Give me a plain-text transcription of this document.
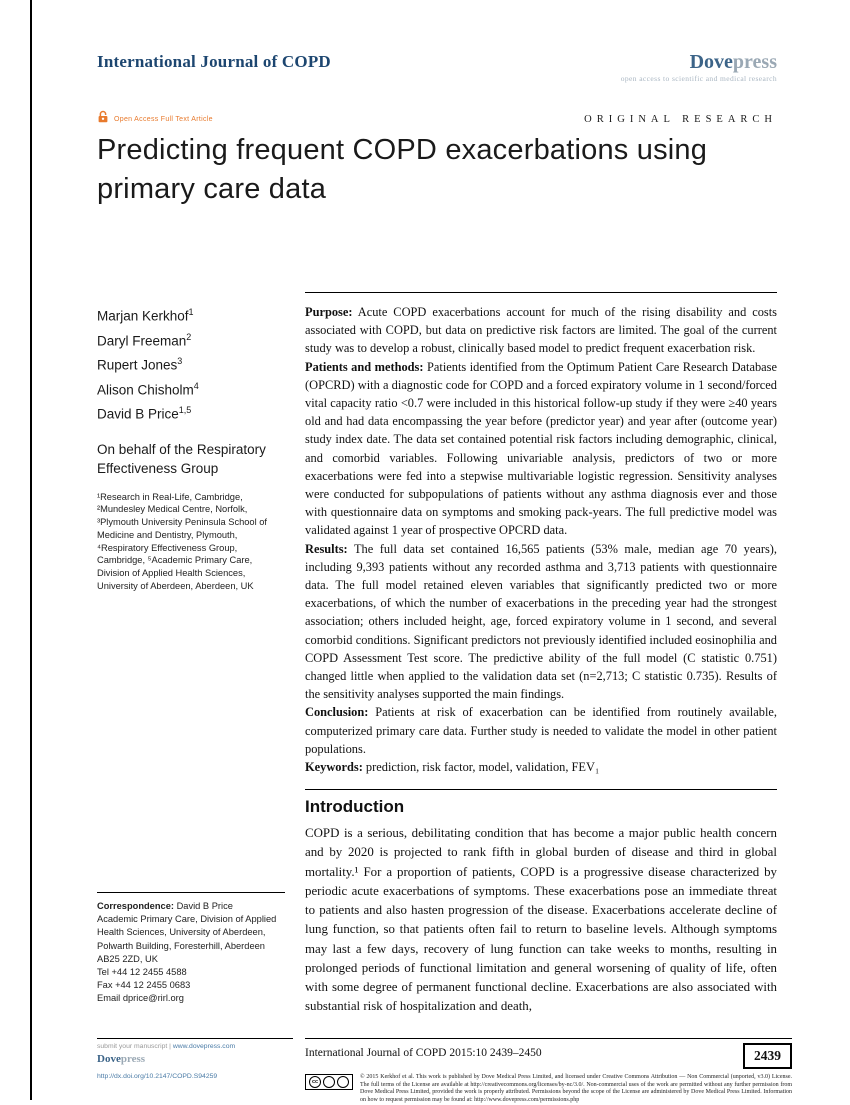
International Journal of COPD	Dovepress
open access to scientific and medical research
Open Access Full Text Article	ORIGINAL RESEARCH
Predicting frequent COPD exacerbations using primary care data
Marjan Kerkhof$^1$
Daryl Freeman$^2$
Rupert Jones$^3$
Alison Chisholm$^4$
David B Price$^{1,5}$
On behalf of the Respiratory Effectiveness Group
¹Research in Real-Life, Cambridge, ²Mundesley Medical Centre, Norfolk, ³Plymouth University Peninsula School of Medicine and Dentistry, Plymouth, ⁴Respiratory Effectiveness Group, Cambridge, ⁵Academic Primary Care, Division of Applied Health Sciences, University of Aberdeen, Aberdeen, UK
Correspondence: David B Price
Academic Primary Care, Division of Applied Health Sciences, University of Aberdeen, Polwarth Building, Foresterhill, Aberdeen AB25 2ZD, UK
Tel +44 12 2455 4588
Fax +44 12 2455 0683
Email dprice@rirl.org

Purpose: Acute COPD exacerbations account for much of the rising disability and costs associated with COPD, but data on predictive risk factors are limited. The goal of the current study was to develop a robust, clinically based model to predict frequent exacerbation risk.

Patients and methods: Patients identified from the Optimum Patient Care Research Database (OPCRD) with a diagnostic code for COPD and a forced expiratory volume in 1 second/forced vital capacity ratio <0.7 were included in this historical follow-up study if they were ≥40 years old and had data encompassing the year before (predictor year) and year after (outcome year) study index date. The data set contained potential risk factors including demographic, clinical, and comorbid variables. Following univariable analysis, predictors of two or more exacerbations were fed into a stepwise multivariable logistic regression. Sensitivity analyses were conducted for subpopulations of patients without any asthma diagnosis ever and those with questionnaire data on symptoms and smoking pack-years. The full predictive model was validated against 1 year of prospective OPCRD data.

Results: The full data set contained 16,565 patients (53% male, median age 70 years), including 9,393 patients without any recorded asthma and 3,713 patients with questionnaire data. The full model retained eleven variables that significantly predicted two or more exacerbations, of which the number of exacerbations in the preceding year had the strongest association; others included height, age, forced expiratory volume in 1 second, and several comorbid conditions. Significant predictors not previously identified included eosinophilia and COPD Assessment Test score. The predictive ability of the full model (C statistic 0.751) changed little when applied to the validation data set (n=2,713; C statistic 0.735). Results of the sensitivity analyses supported the main findings.

Conclusion: Patients at risk of exacerbation can be identified from routinely available, computerized primary care data. Further study is needed to validate the model in other patient populations.

Keywords: prediction, risk factor, model, validation, FEV₁

Introduction

COPD is a serious, debilitating condition that has become a major public health concern and by 2020 is projected to rank fifth in global burden of disease and third in global mortality.¹ For a proportion of patients, COPD is a progressive disease characterized by periodic acute exacerbations of symptoms. These exacerbations pose an immediate threat to patients and also hasten progression of the disease. Exacerbations accelerate decline of lung function, so that patients often fail to return to baseline levels. Although symptoms may last a few days, recovery of lung function can take weeks to months, resulting in prolonged periods of functional limitation and general worsening of quality of life, often with some degree of permanent functional decline. Exacerbations are also associated with substantial risk of hospitalization and death,

submit your manuscript | www.dovepress.com
Dovepress
http://dx.doi.org/10.2147/COPD.S94259
International Journal of COPD 2015:10 2439–2450	2439
cc
© 2015 Kerkhof et al. This work is published by Dove Medical Press Limited, and licensed under Creative Commons Attribution — Non Commercial (unported, v3.0) License. The full terms of the License are available at http://creativecommons.org/licenses/by-nc/3.0/. Non-commercial uses of the work are permitted without any further permission from Dove Medical Press Limited, provided the work is properly attributed. Permissions beyond the scope of the License are administered by Dove Medical Press Limited. Information on how to request permission may be found at: http://www.dovepress.com/permissions.php
